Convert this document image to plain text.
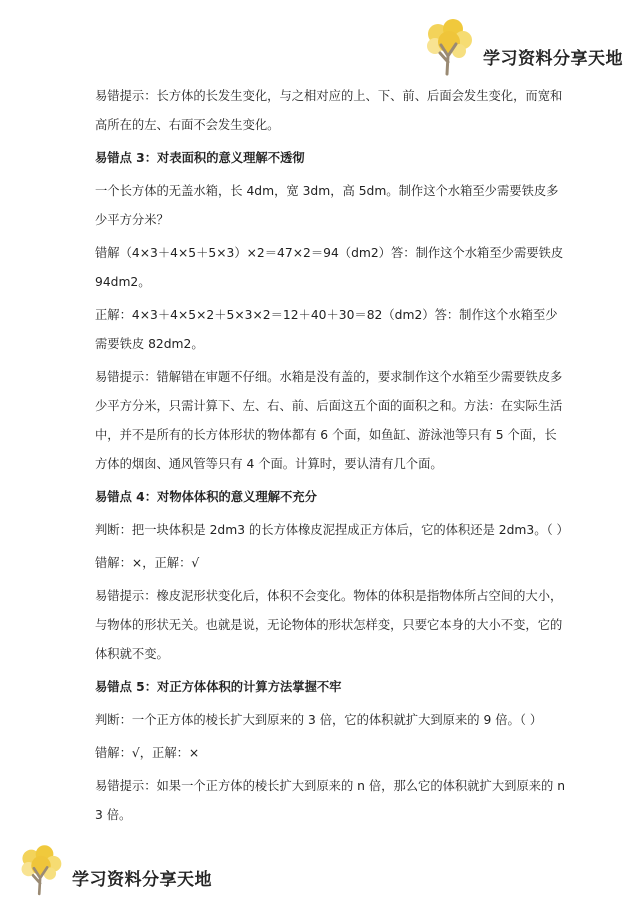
学习资料分享天地

易错提示：长方体的长发生变化，与之相对应的上、下、前、后面会发生变化，而宽和高所在的左、右面不会发生变化。

易错点 3：对表面积的意义理解不透彻

一个长方体的无盖水箱，长 4dm，宽 3dm，高 5dm。制作这个水箱至少需要铁皮多少平方分米？

错解（4×3＋4×5＋5×3）×2＝47×2＝94（dm2）答：制作这个水箱至少需要铁皮 94dm2。

正解：4×3＋4×5×2＋5×3×2＝12＋40＋30＝82（dm2）答：制作这个水箱至少需要铁皮 82dm2。

易错提示：错解错在审题不仔细。水箱是没有盖的，要求制作这个水箱至少需要铁皮多少平方分米，只需计算下、左、右、前、后面这五个面的面积之和。方法：在实际生活中，并不是所有的长方体形状的物体都有 6 个面，如鱼缸、游泳池等只有 5 个面，长方体的烟囱、通风管等只有 4 个面。计算时，要认清有几个面。

易错点 4：对物体体积的意义理解不充分

判断：把一块体积是 2dm3 的长方体橡皮泥捏成正方体后，它的体积还是 2dm3。（ ）

错解：×，正解：√

易错提示：橡皮泥形状变化后，体积不会变化。物体的体积是指物体所占空间的大小，与物体的形状无关。也就是说，无论物体的形状怎样变，只要它本身的大小不变，它的体积就不变。

易错点 5：对正方体体积的计算方法掌握不牢

判断：一个正方体的棱长扩大到原来的 3 倍，它的体积就扩大到原来的 9 倍。（ ）

错解：√，正解：×

易错提示：如果一个正方体的棱长扩大到原来的 n 倍，那么它的体积就扩大到原来的 n3 倍。

学习资料分享天地
